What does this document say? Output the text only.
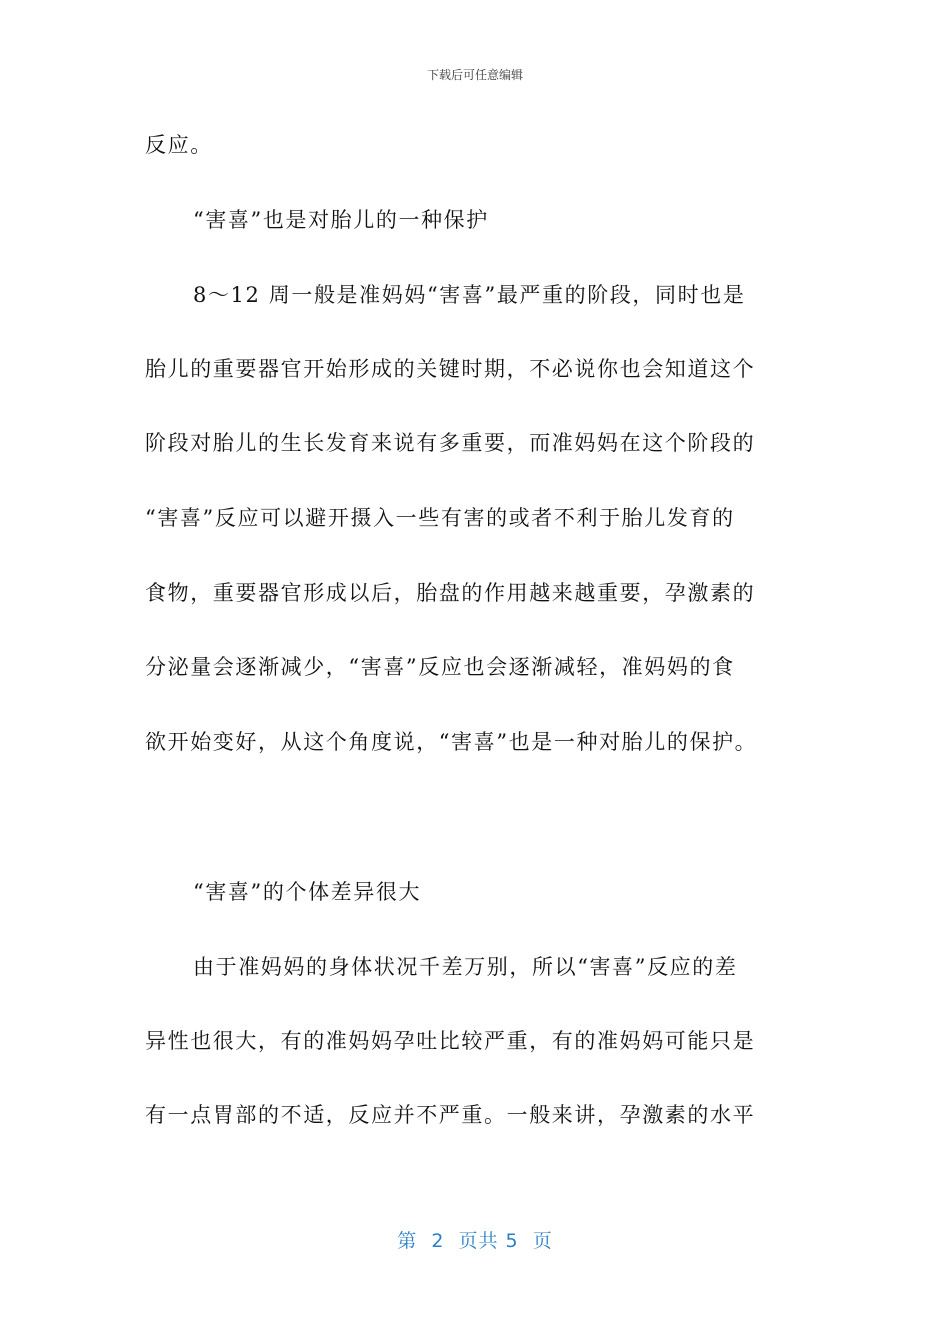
下载后可任意编辑
反应。
“害喜”也是对胎儿的一种保护
8～12 周一般是准妈妈“害喜”最严重的阶段，同时也是
胎儿的重要器官开始形成的关键时期，不必说你也会知道这个
阶段对胎儿的生长发育来说有多重要，而准妈妈在这个阶段的
“害喜”反应可以避开摄入一些有害的或者不利于胎儿发育的
食物，重要器官形成以后，胎盘的作用越来越重要，孕激素的
分泌量会逐渐减少，“害喜”反应也会逐渐减轻，准妈妈的食
欲开始变好，从这个角度说，“害喜”也是一种对胎儿的保护。
“害喜”的个体差异很大
由于准妈妈的身体状况千差万别，所以“害喜”反应的差
异性也很大，有的准妈妈孕吐比较严重，有的准妈妈可能只是
有一点胃部的不适，反应并不严重。一般来讲，孕激素的水平
第  2  页共 5  页
